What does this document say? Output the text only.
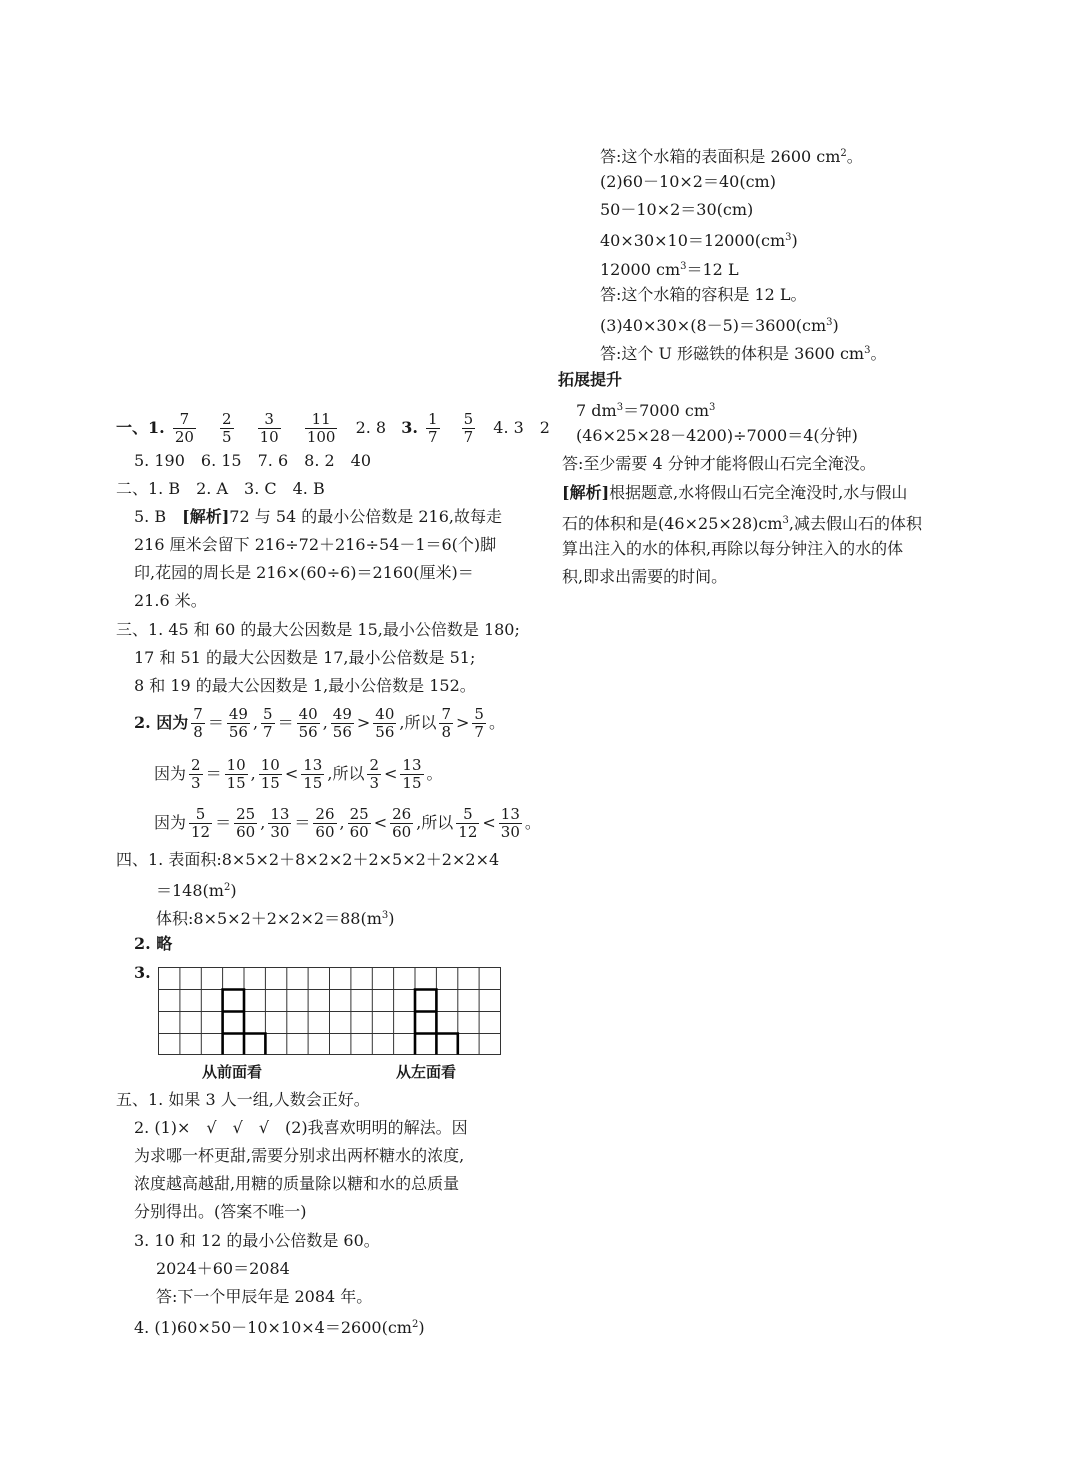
答:这个水箱的表面积是 2600 $cm^2$。
(2)60－10×2＝40(cm)
50－10×2＝30(cm)
$40\times 30\times 10=12000(cm^3)$
12000 $cm^3=12$ L
答:这个水箱的容积是 12 L。
$(3)40\times 30\times(8-5)=3600(cm^3)$
答:这个 U 形磁铁的体积是 3600 $cm^3$。
拓展提升
7 $dm^3=7000$ $cm^3$
(46×25×28－4200)÷7000＝4(分钟)
答:至少需要 4 分钟才能将假山石完全淹没。
[解析]根据题意,水将假山石完全淹没时,水与假山
石的体积和是$(46\times 25\times 28)cm^3$,减去假山石的体积
算出注入的水的体积,再除以每分钟注入的水的体
积,即求出需要的时间。
一、1. $\frac{7}{20}$
$\frac{2}{5}$
$\frac{3}{10}$
$\frac{11}{100} 2$. 8 3. $\frac{1}{7}$
$\frac{5}{7} 4$. 3　2
5. 190　6. 15　7. 6　8. 2　40
二、1. B　2. A　3. C　4. B
5. B　[解析]72 与 54 的最小公倍数是 216,故每走
216 厘米会留下 216÷72＋216÷54－1＝6(个)脚
印,花园的周长是 216×(60÷6)＝2160(厘米)＝
21.6 米。
三、1. 45 和 60 的最大公因数是 15,最小公倍数是 180;
17 和 51 的最大公因数是 17,最小公倍数是 51;
8 和 19 的最大公因数是 1,最小公倍数是 152。
2. 因为 $\frac{7}{8} = \frac{49}{56}$ , $\frac{5}{7} = \frac{40}{56}$ , $\frac{49}{56} > \frac{40}{56}$ ,所以 $\frac{7}{8} > \frac{5}{7}$ 。
因为 $\frac{2}{3} = \frac{10}{15}$ , $\frac{10}{15} < \frac{13}{15}$ ,所以 $\frac{2}{3} < \frac{13}{15}$ 。
因为 $\frac{5}{12} = \frac{25}{60}$ , $\frac{13}{30} = \frac{26}{60}$ , $\frac{25}{60} < \frac{26}{60}$ ,所以 $\frac{5}{12} < \frac{13}{30}$ 。
四、1. 表面积:8×5×2＋8×2×2＋2×5×2＋2×2×4
$=148(m^2)$
体积$:8\times 5\times 2+2\times 2\times 2=88(m^3)$
2. 略
3.
从前面看	从左面看
五、1. 如果 3 人一组,人数会正好。
2. (1)×　√　√　√　(2)我喜欢明明的解法。因
为求哪一杯更甜,需要分别求出两杯糖水的浓度,
浓度越高越甜,用糖的质量除以糖和水的总质量
分别得出。(答案不唯一)
3. 10 和 12 的最小公倍数是 60。
2024＋60＝2084
答:下一个甲辰年是 2084 年。
4. $(1)60\times 50-10\times 10\times 4=2600(cm^2)$
